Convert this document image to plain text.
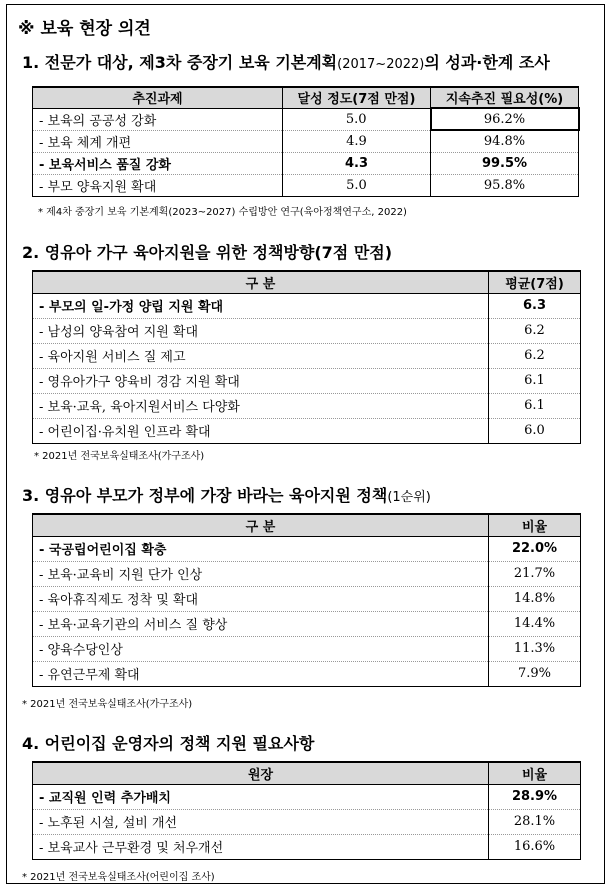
※ 보육 현장 의견
1. 전문가 대상, 제3차 중장기 보육 기본계획(2017~2022)의 성과·한계 조사
추진과제	달성 정도(7점 만점)	지속추진 필요성(%)
- 보육의 공공성 강화	5.0	96.2%
- 보육 체계 개편	4.9	94.8%
- 보육서비스 품질 강화	4.3	99.5%
- 부모 양육지원 확대	5.0	95.8%
* 제4차 중장기 보육 기본계획(2023~2027) 수립방안 연구(육아정책연구소, 2022)
2. 영유아 가구 육아지원을 위한 정책방향(7점 만점)
구 분	평균(7점)
- 부모의 일-가정 양립 지원 확대	6.3
- 남성의 양육참여 지원 확대	6.2
- 육아지원 서비스 질 제고	6.2
- 영유아가구 양육비 경감 지원 확대	6.1
- 보육·교육, 육아지원서비스 다양화	6.1
- 어린이집·유치원 인프라 확대	6.0
* 2021년 전국보육실태조사(가구조사)
3. 영유아 부모가 정부에 가장 바라는 육아지원 정책(1순위)
구 분	비율
- 국공립어린이집 확충	22.0%
- 보육·교육비 지원 단가 인상	21.7%
- 육아휴직제도 정착 및 확대	14.8%
- 보육·교육기관의 서비스 질 향상	14.4%
- 양육수당인상	11.3%
- 유연근무제 확대	7.9%
* 2021년 전국보육실태조사(가구조사)
4. 어린이집 운영자의 정책 지원 필요사항
원장	비율
- 교직원 인력 추가배치	28.9%
- 노후된 시설, 설비 개선	28.1%
- 보육교사 근무환경 및 처우개선	16.6%
* 2021년 전국보육실태조사(어린이집 조사)
